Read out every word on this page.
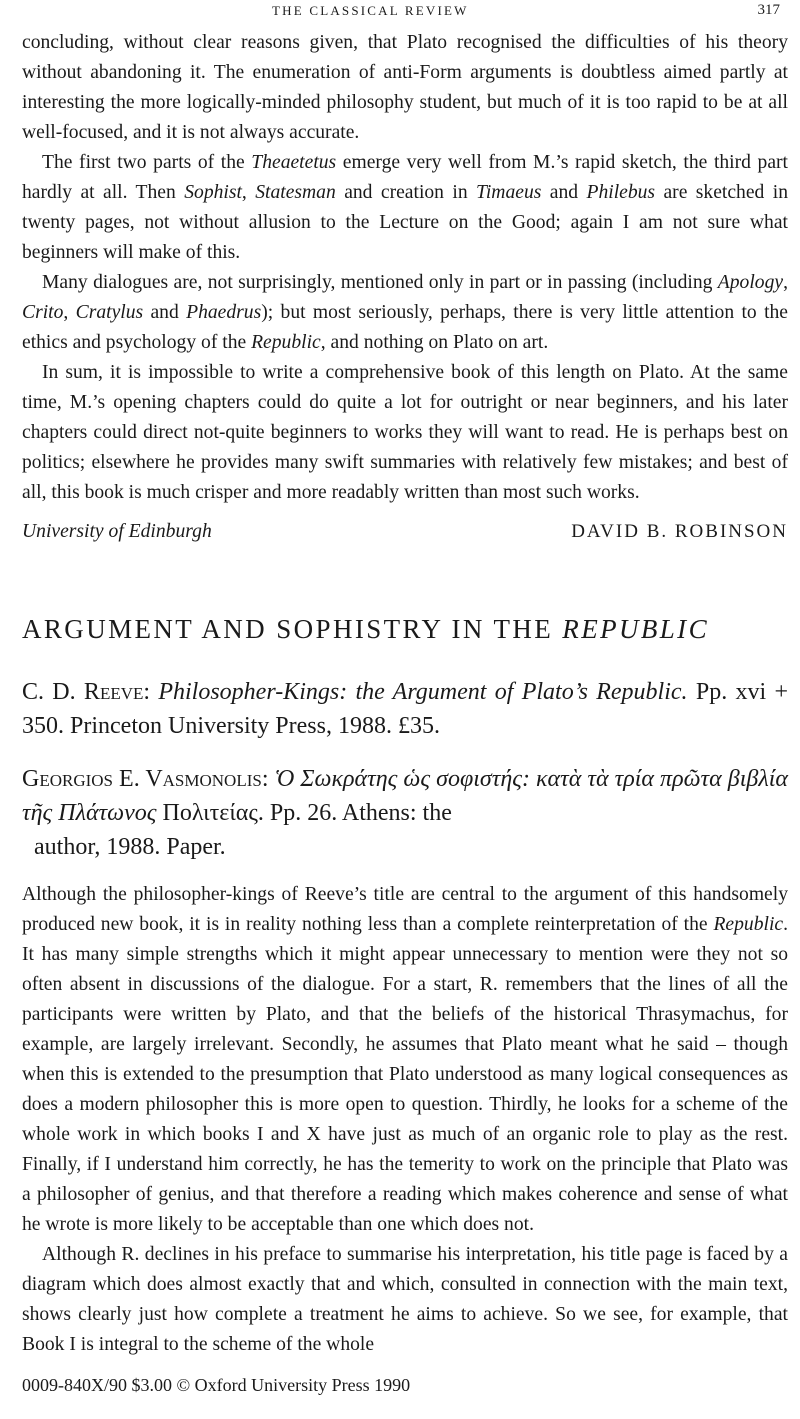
THE CLASSICAL REVIEW	317

concluding, without clear reasons given, that Plato recognised the difficulties of his theory without abandoning it. The enumeration of anti-Form arguments is doubtless aimed partly at interesting the more logically-minded philosophy student, but much of it is too rapid to be at all well-focused, and it is not always accurate.

The first two parts of the Theaetetus emerge very well from M.’s rapid sketch, the third part hardly at all. Then Sophist, Statesman and creation in Timaeus and Philebus are sketched in twenty pages, not without allusion to the Lecture on the Good; again I am not sure what beginners will make of this.

Many dialogues are, not surprisingly, mentioned only in part or in passing (including Apology, Crito, Cratylus and Phaedrus); but most seriously, perhaps, there is very little attention to the ethics and psychology of the Republic, and nothing on Plato on art.

In sum, it is impossible to write a comprehensive book of this length on Plato. At the same time, M.’s opening chapters could do quite a lot for outright or near beginners, and his later chapters could direct not-quite beginners to works they will want to read. He is perhaps best on politics; elsewhere he provides many swift summaries with relatively few mistakes; and best of all, this book is much crisper and more readably written than most such works.

University of Edinburgh	DAVID B. ROBINSON
ARGUMENT AND SOPHISTRY IN THE REPUBLIC
C. D. Reeve: Philosopher-Kings: the Argument of Plato’s Republic. Pp. xvi + 350. Princeton University Press, 1988. £35.
Georgios E. Vasmonolis: Ὁ Σωκράτης ὡς σοφιστής: κατὰ τὰ τρία πρῶτα βιβλία τῆς Πλάτωνος Πολιτείας. Pp. 26. Athens: the
author, 1988. Paper.

Although the philosopher-kings of Reeve’s title are central to the argument of this handsomely produced new book, it is in reality nothing less than a complete reinterpretation of the Republic. It has many simple strengths which it might appear unnecessary to mention were they not so often absent in discussions of the dialogue. For a start, R. remembers that the lines of all the participants were written by Plato, and that the beliefs of the historical Thrasymachus, for example, are largely irrelevant. Secondly, he assumes that Plato meant what he said – though when this is extended to the presumption that Plato understood as many logical consequences as does a modern philosopher this is more open to question. Thirdly, he looks for a scheme of the whole work in which books I and X have just as much of an organic role to play as the rest. Finally, if I understand him correctly, he has the temerity to work on the principle that Plato was a philosopher of genius, and that therefore a reading which makes coherence and sense of what he wrote is more likely to be acceptable than one which does not.

Although R. declines in his preface to summarise his interpretation, his title page is faced by a diagram which does almost exactly that and which, consulted in connection with the main text, shows clearly just how complete a treatment he aims to achieve. So we see, for example, that Book I is integral to the scheme of the whole

0009-840X/90 $3.00 © Oxford University Press 1990
